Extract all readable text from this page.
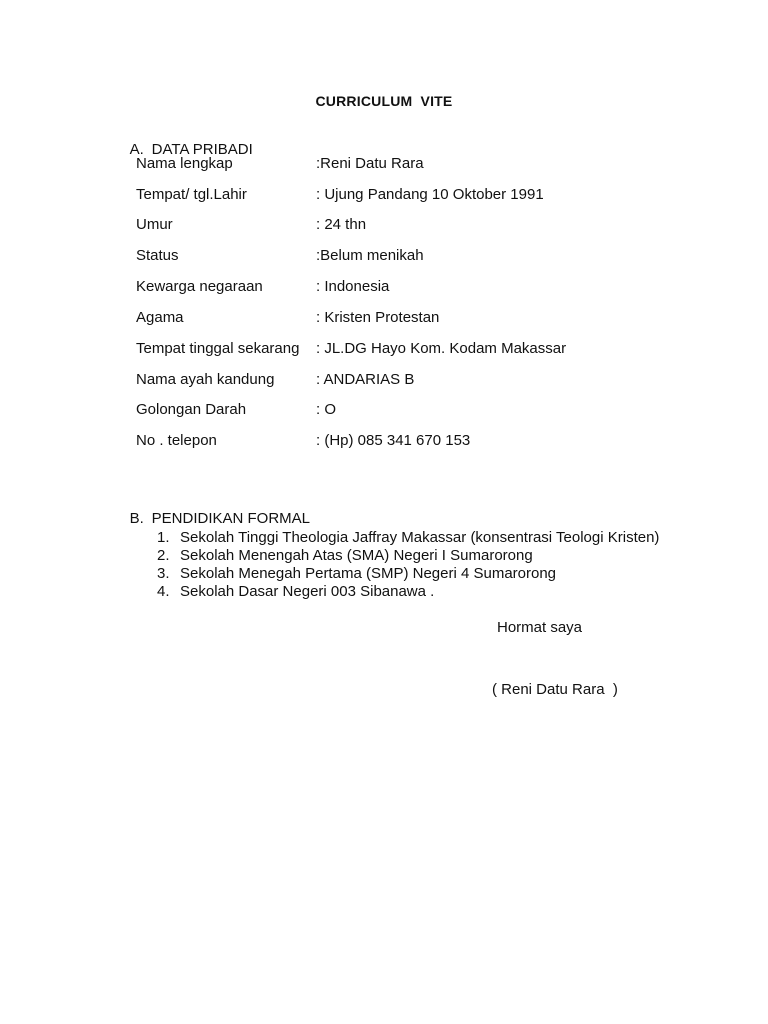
CURRICULUM  VITE

A. DATA PRIBADI

Nama lengkap	:Reni Datu Rara
Tempat/ tgl.Lahir	: Ujung Pandang 10 Oktober 1991
Umur	: 24 thn
Status	:Belum menikah
Kewarga negaraan	: Indonesia
Agama	: Kristen Protestan
Tempat tinggal sekarang : JL.DG Hayo Kom. Kodam Makassar
Nama ayah kandung	: ANDARIAS B
Golongan Darah	: O
No . telepon	: (Hp) 085 341 670 153

B. PENDIDIKAN FORMAL

1. Sekolah Tinggi Theologia Jaffray Makassar (konsentrasi Teologi Kristen)
2. Sekolah Menengah Atas (SMA) Negeri I Sumarorong
3. Sekolah Menegah Pertama (SMP) Negeri 4 Sumarorong
4. Sekolah Dasar Negeri 003 Sibanawa .
Hormat saya
( Reni Datu Rara  )
